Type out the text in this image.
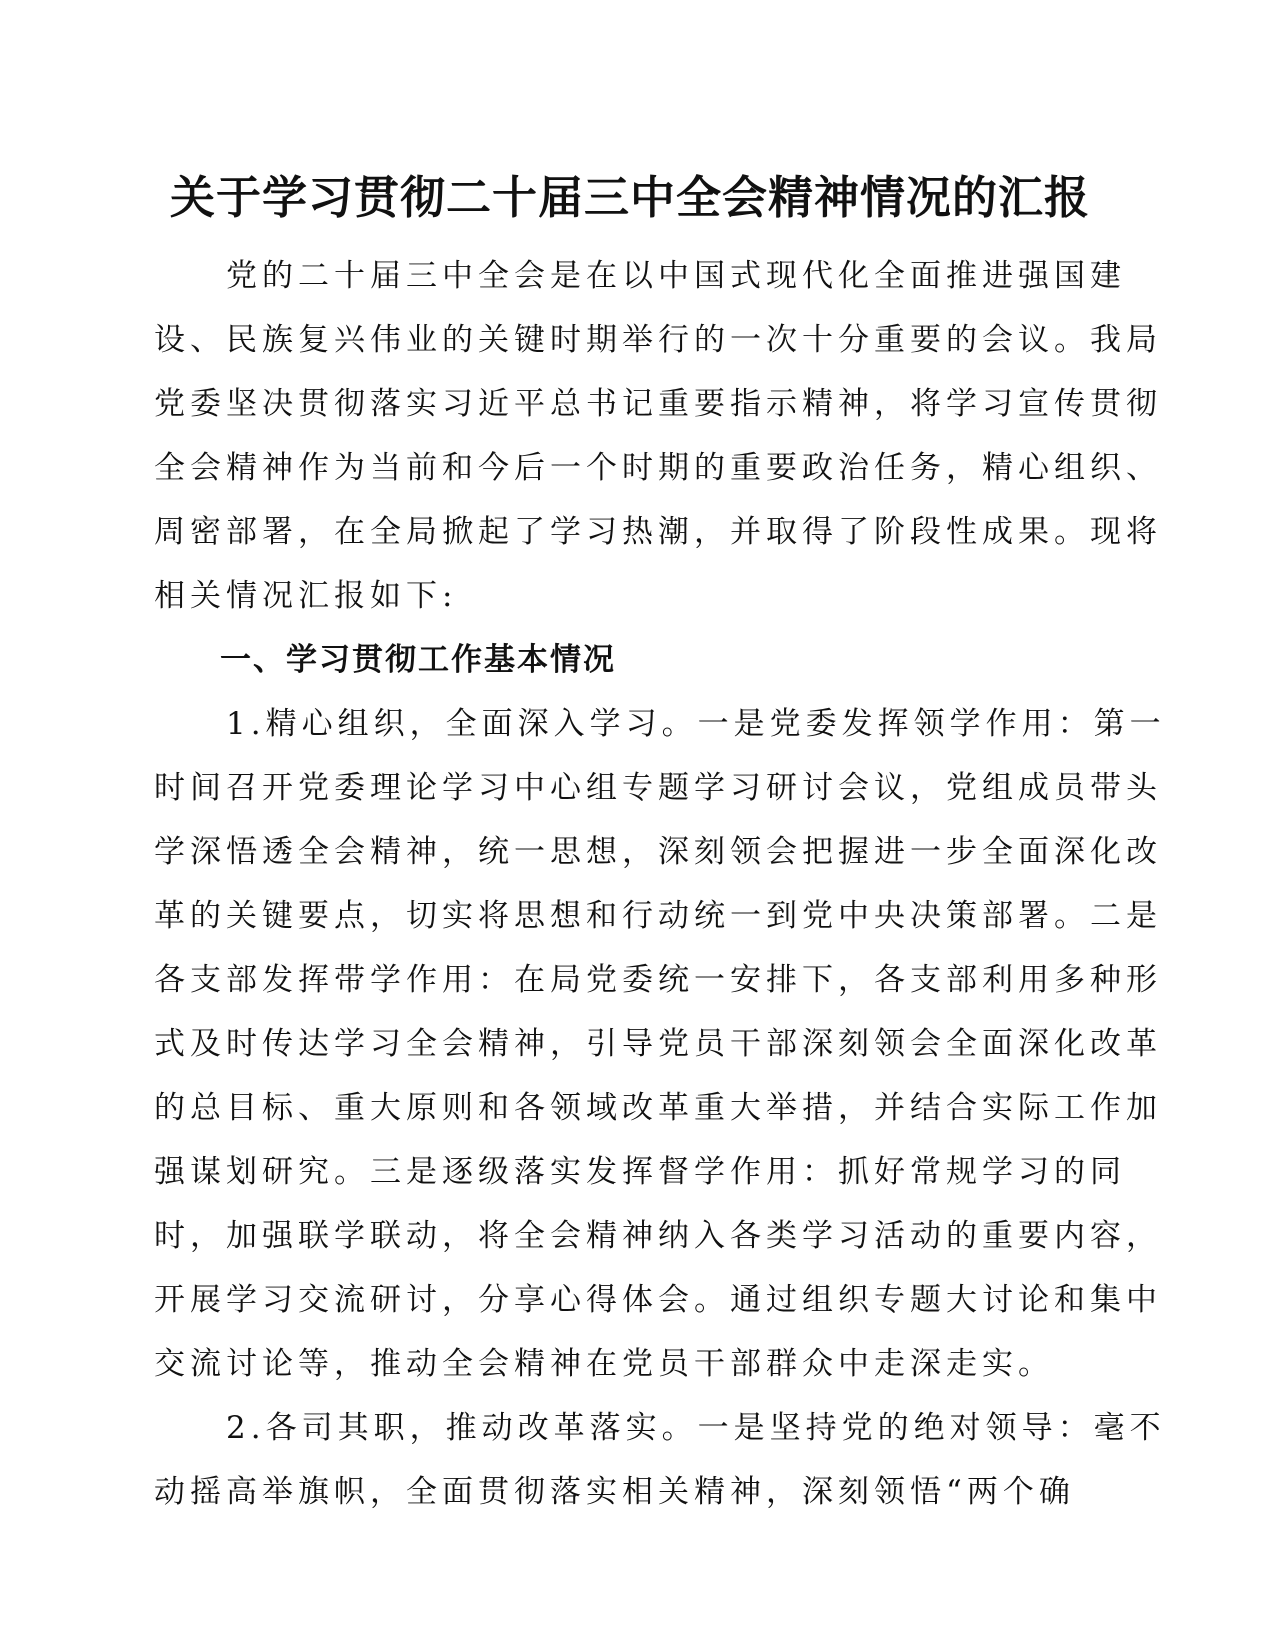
关于学习贯彻二十届三中全会精神情况的汇报
　　党的二十届三中全会是在以中国式现代化全面推进强国建
设、民族复兴伟业的关键时期举行的一次十分重要的会议。我局
党委坚决贯彻落实习近平总书记重要指示精神，将学习宣传贯彻
全会精神作为当前和今后一个时期的重要政治任务，精心组织、
周密部署，在全局掀起了学习热潮，并取得了阶段性成果。现将
相关情况汇报如下:
　　一、学习贯彻工作基本情况
　　1.精心组织，全面深入学习。一是党委发挥领学作用：第一
时间召开党委理论学习中心组专题学习研讨会议，党组成员带头
学深悟透全会精神，统一思想，深刻领会把握进一步全面深化改
革的关键要点，切实将思想和行动统一到党中央决策部署。二是
各支部发挥带学作用：在局党委统一安排下，各支部利用多种形
式及时传达学习全会精神，引导党员干部深刻领会全面深化改革
的总目标、重大原则和各领域改革重大举措，并结合实际工作加
强谋划研究。三是逐级落实发挥督学作用：抓好常规学习的同
时，加强联学联动，将全会精神纳入各类学习活动的重要内容，
开展学习交流研讨，分享心得体会。通过组织专题大讨论和集中
交流讨论等，推动全会精神在党员干部群众中走深走实。
　　2.各司其职，推动改革落实。一是坚持党的绝对领导：毫不
动摇高举旗帜，全面贯彻落实相关精神，深刻领悟“两个确
